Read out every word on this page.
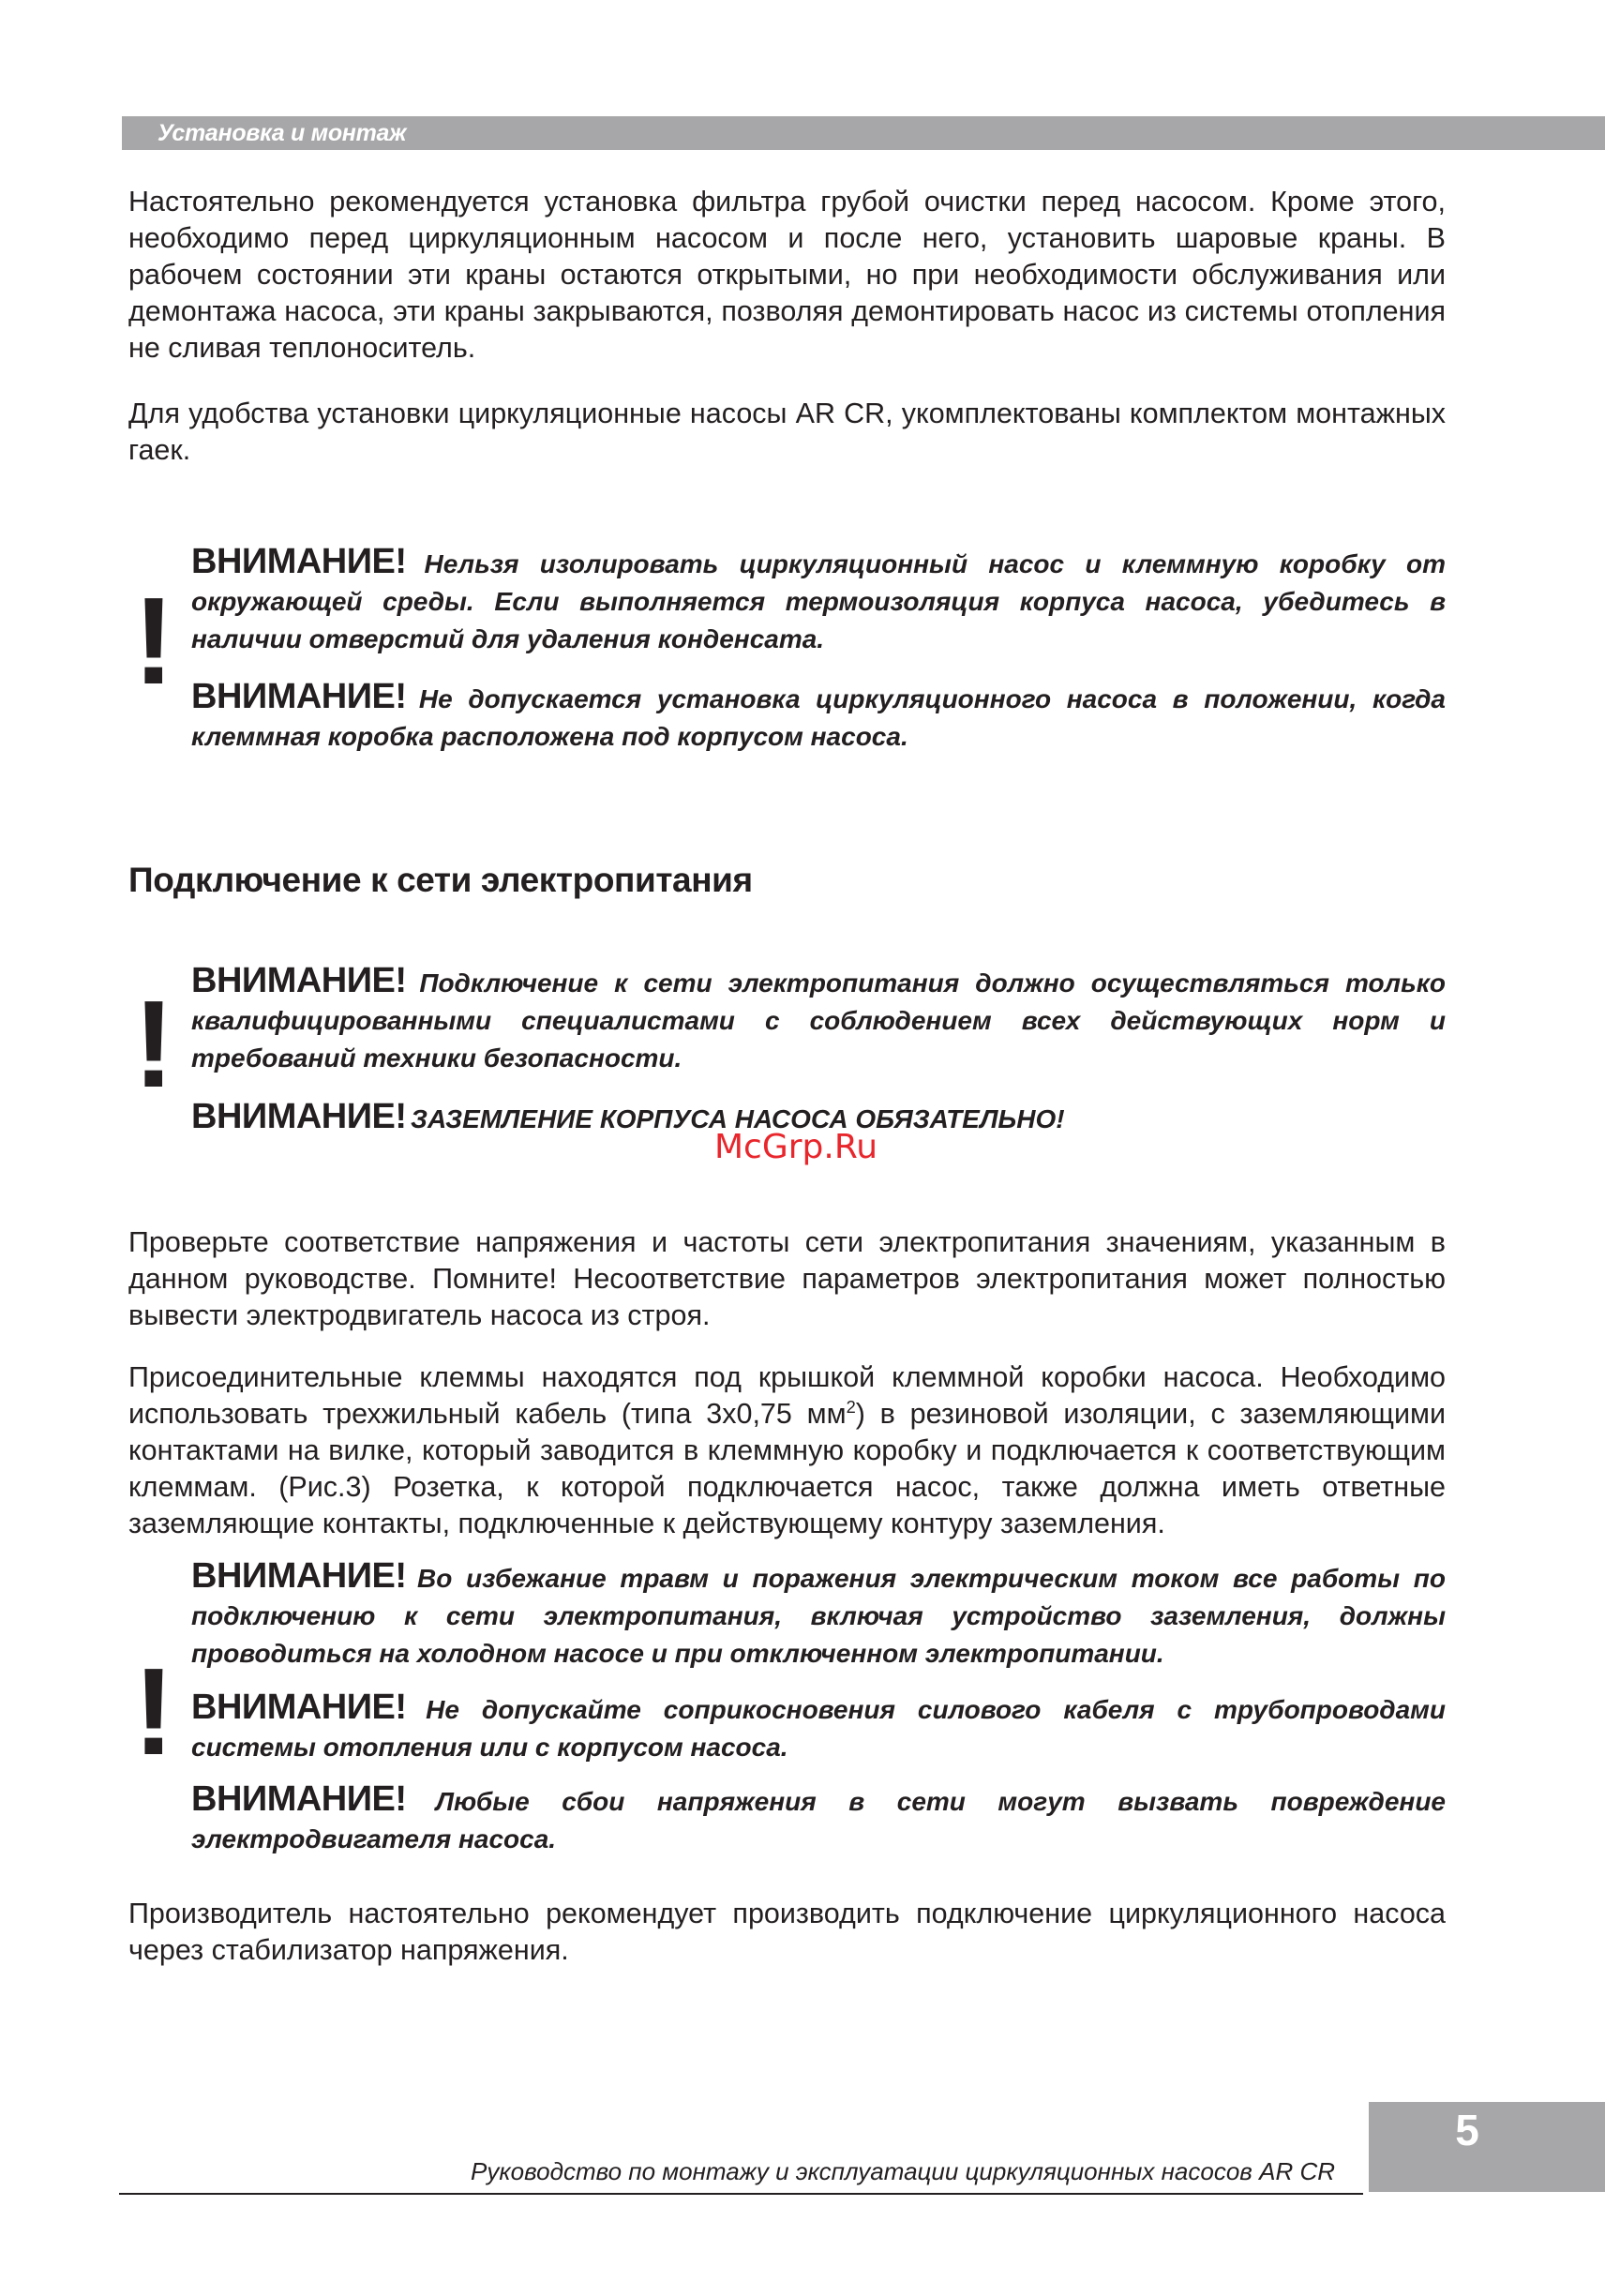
Установка и монтаж

Настоятельно рекомендуется установка фильтра грубой очистки перед насосом. Кроме этого, необходимо перед циркуляционным насосом и после него, установить шаровые краны. В рабочем состоянии эти краны остаются открытыми, но при необходимости обслуживания или демонтажа насоса, эти краны закрываются, позволяя демонтировать насос из системы отопления не сливая теплоноситель.

Для удобства установки циркуляционные насосы AR CR, укомплектованы комплектом монтажных гаек.

!

ВНИМАНИЕ! Нельзя изолировать циркуляционный насос и клеммную коробку от окружающей среды. Если выполняется термоизоляция корпуса насоса, убедитесь в наличии отверстий для удаления конденсата.

ВНИМАНИЕ! Не допускается установка циркуляционного насоса в положении, когда клеммная коробка расположена под корпусом насоса.

Подключение к сети электропитания
! ВНИМАНИЕ! Подключение к сети электропитания должно осуществляться только квалифицированными специалистами с соблюдением всех действующих норм и требований техники безопасности.

ВНИМАНИЕ! ЗАЗЕМЛЕНИЕ КОРПУСА НАСОСА ОБЯЗАТЕЛЬНО!

McGrp.Ru

Проверьте соответствие напряжения и частоты сети электропитания значениям, указанным в данном руководстве. Помните! Несоответствие параметров электропитания может полностью вывести электродвигатель насоса из строя.

Присоединительные клеммы находятся под крышкой клеммной коробки насоса. Необходимо использовать трехжильный кабель (типа 3х0,75 $мм^2$) в резиновой изоляции, с заземляющими контактами на вилке, который заводится в клеммную коробку и подключается к соответствующим клеммам. (Рис.3) Розетка, к которой подключается насос, также должна иметь ответные заземляющие контакты, подключенные к действующему контуру заземления.

!

ВНИМАНИЕ! Во избежание травм и поражения электрическим током все работы по подключению к сети электропитания, включая устройство заземления, должны проводиться на холодном насосе и при отключенном электропитании.

ВНИМАНИЕ! Не допускайте соприкосновения силового кабеля с трубопроводами системы отопления или с корпусом насоса.

ВНИМАНИЕ! Любые сбои напряжения в сети могут вызвать повреждение электродвигателя насоса.

Производитель настоятельно рекомендует производить подключение циркуляционного насоса через стабилизатор напряжения.

Руководство по монтажу и эксплуатации циркуляционных насосов AR CR
5
